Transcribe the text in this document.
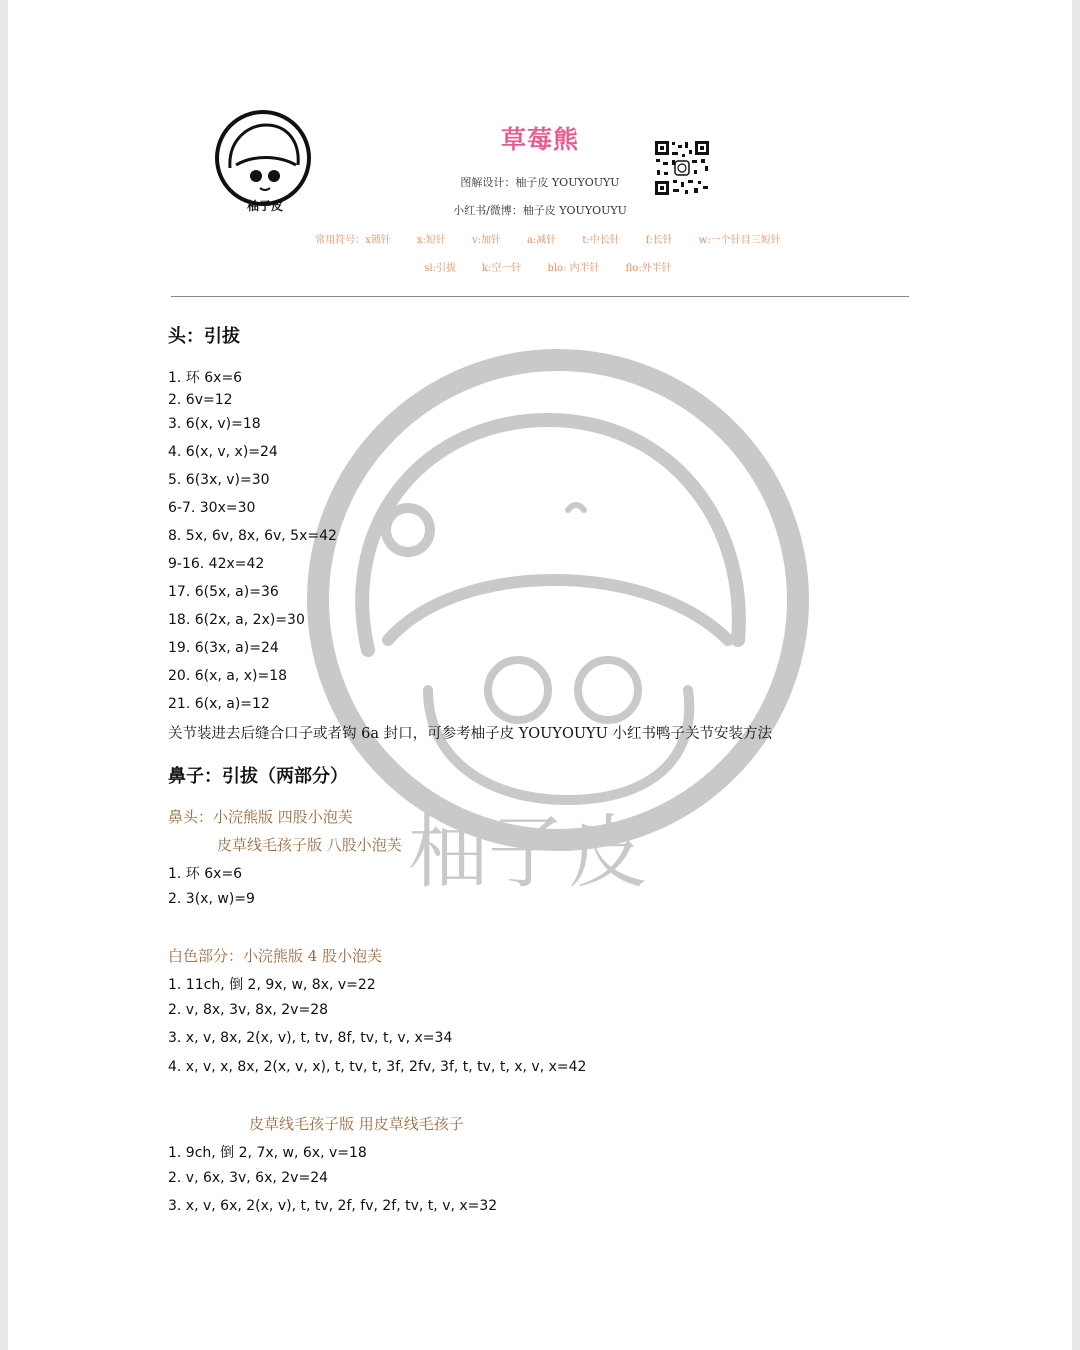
柚子皮
柚子皮
草莓熊
图解设计：柚子皮 YOUYOUYU
小红书/微博：柚子皮 YOUYOUYU
常用符号：x锁针	x:短针	v:加针	a:减针	t:中长针	f:长针	w:一个针目三短针
sl:引拔	k:空一针	blo: 内半针	flo:外半针
头：引拔
1. 环 6x=6
2. 6v=12
3. 6(x, v)=18
4. 6(x, v, x)=24
5. 6(3x, v)=30
6-7. 30x=30
8. 5x, 6v, 8x, 6v, 5x=42
9-16. 42x=42
17. 6(5x, a)=36
18. 6(2x, a, 2x)=30
19. 6(3x, a)=24
20. 6(x, a, x)=18
21. 6(x, a)=12
关节装进去后缝合口子或者钩 6a 封口，可参考柚子皮 YOUYOUYU 小红书鸭子关节安装方法
鼻子：引拔（两部分）
鼻头：小浣熊版 四股小泡芙
皮草线毛孩子版 八股小泡芙
1. 环 6x=6
2. 3(x, w)=9
白色部分：小浣熊版 4 股小泡芙
1. 11ch, 倒 2, 9x, w, 8x, v=22
2. v, 8x, 3v, 8x, 2v=28
3. x, v, 8x, 2(x, v), t, tv, 8f, tv, t, v, x=34
4. x, v, x, 8x, 2(x, v, x), t, tv, t, 3f, 2fv, 3f, t, tv, t, x, v, x=42
皮草线毛孩子版 用皮草线毛孩子
1. 9ch, 倒 2, 7x, w, 6x, v=18
2. v, 6x, 3v, 6x, 2v=24
3. x, v, 6x, 2(x, v), t, tv, 2f, fv, 2f, tv, t, v, x=32
